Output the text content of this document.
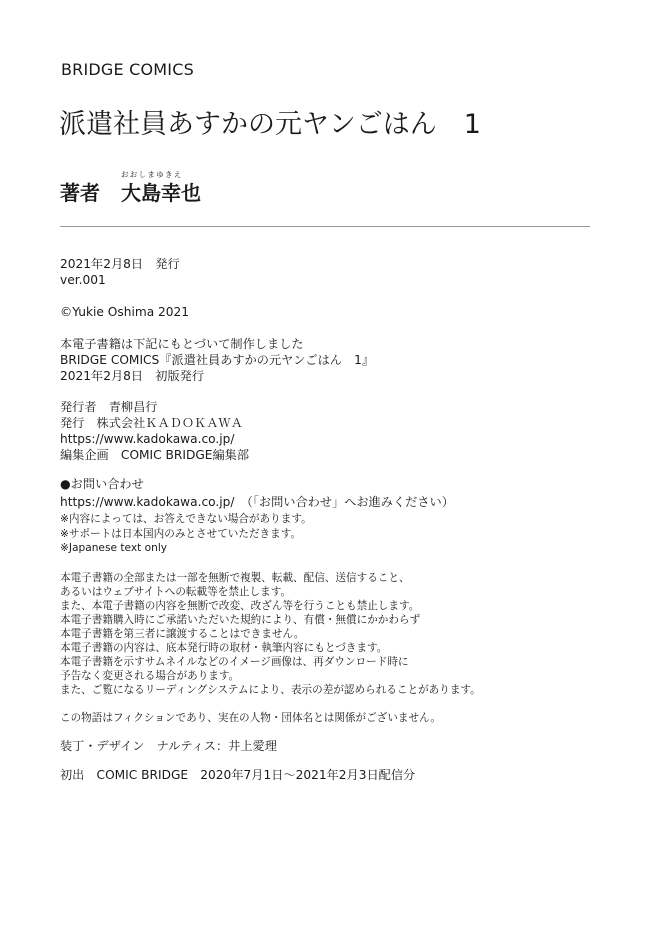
BRIDGE COMICS
派遣社員あすかの元ヤンごはん　1
おおしまゆきえ
著者 大島幸也
2021年2月8日　発行
ver.001
©Yukie Oshima 2021
本電子書籍は下記にもとづいて制作しました
BRIDGE COMICS『派遣社員あすかの元ヤンごはん　1』
2021年2月8日　初版発行
発行者　青柳昌行
発行　株式会社ＫＡＤＯＫＡＷＡ
https://www.kadokawa.co.jp/
編集企画　COMIC BRIDGE編集部
●お問い合わせ
https://www.kadokawa.co.jp/　（「お問い合わせ」へお進みください）
※内容によっては、お答えできない場合があります。
※サポートは日本国内のみとさせていただきます。
※Japanese text only
本電子書籍の全部または一部を無断で複製、転載、配信、送信すること、
あるいはウェブサイトへの転載等を禁止します。
また、本電子書籍の内容を無断で改変、改ざん等を行うことも禁止します。
本電子書籍購入時にご承諾いただいた規約により、有償・無償にかかわらず
本電子書籍を第三者に譲渡することはできません。
本電子書籍の内容は、底本発行時の取材・執筆内容にもとづきます。
本電子書籍を示すサムネイルなどのイメージ画像は、再ダウンロード時に
予告なく変更される場合があります。
また、ご覧になるリーディングシステムにより、表示の差が認められることがあります。
この物語はフィクションであり、実在の人物・団体名とは関係がございません。
装丁・デザイン　ナルティス：井上愛理
初出　COMIC BRIDGE　2020年7月1日～2021年2月3日配信分
